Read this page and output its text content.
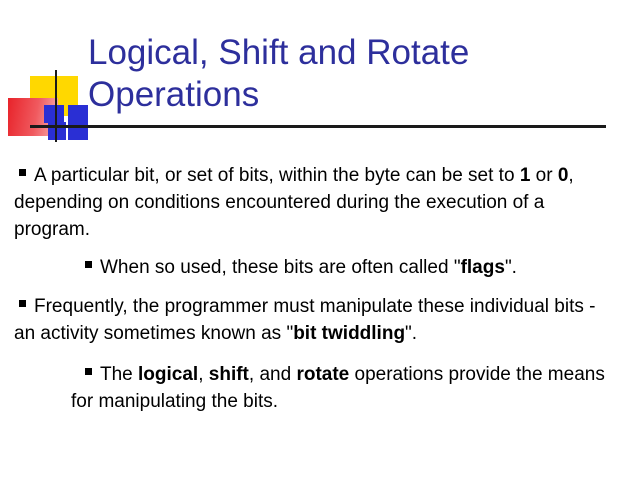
Logical, Shift and Rotate Operations

A particular bit, or set of bits, within the byte can be set to 1 or 0, depending on conditions encountered during the execution of a program.

When so used, these bits are often called "flags".

Frequently, the programmer must manipulate these individual bits - an activity sometimes known as "bit twiddling".

The logical, shift, and rotate operations provide the means for manipulating the bits.
